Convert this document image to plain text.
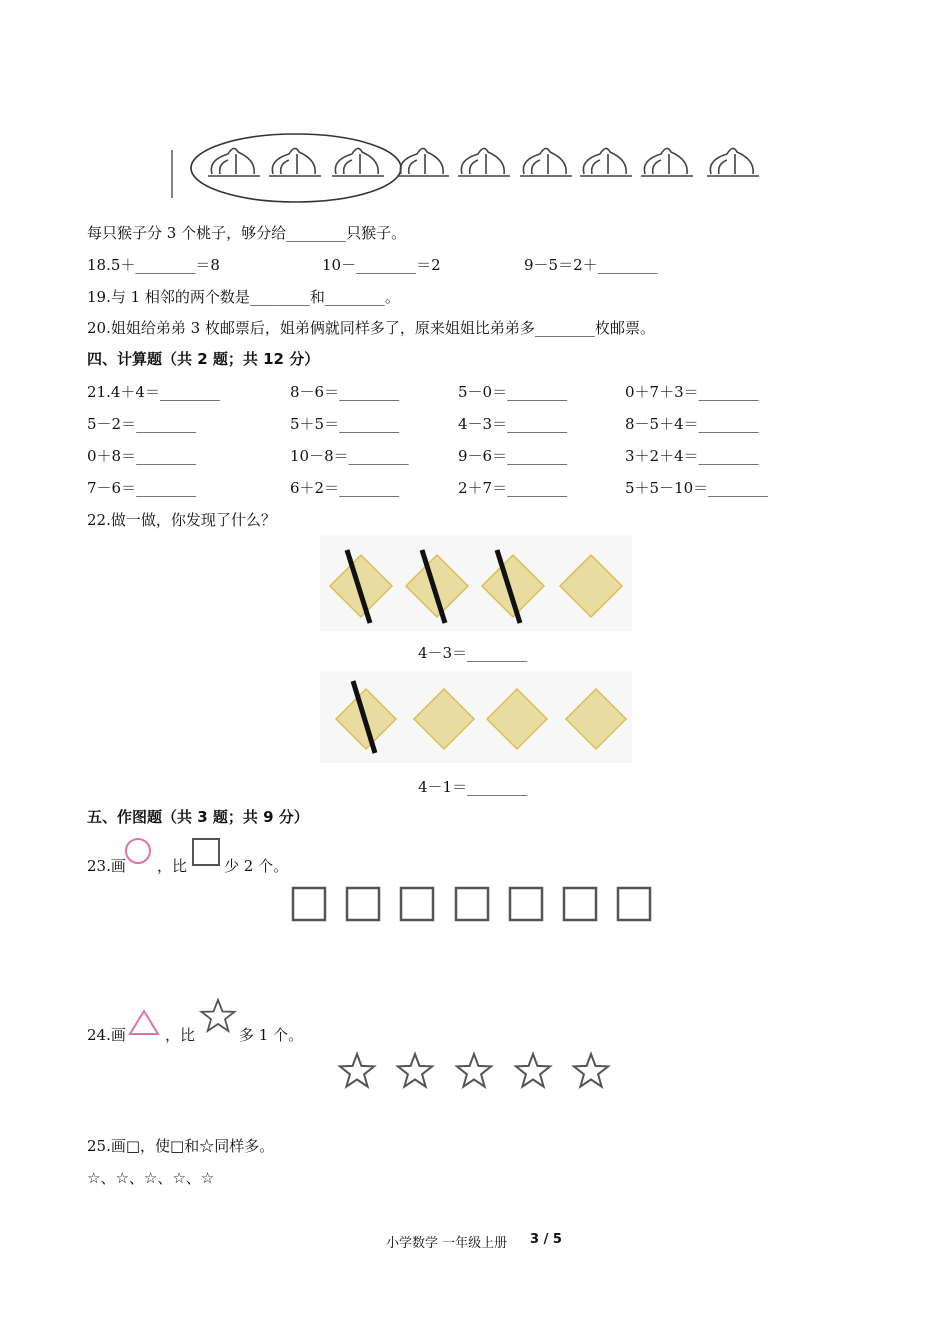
每只猴子分 3 个桃子，够分给________只猴子。
18.5＋________＝8	10－________＝2	9－5＝2＋________
19.与 1 相邻的两个数是________和________。
20.姐姐给弟弟 3 枚邮票后，姐弟俩就同样多了，原来姐姐比弟弟多________枚邮票。
四、计算题（共 2 题；共 12 分）
21.4＋4＝________	8－6＝________	5－0＝________	0＋7＋3＝________
5－2＝________	5＋5＝________	4－3＝________	8－5＋4＝________
0＋8＝________	10－8＝________	9－6＝________	3＋2＋4＝________
7－6＝________	6＋2＝________	2＋7＝________	5＋5－10＝________
22.做一做，你发现了什么？
4－3＝________
4－1＝________
五、作图题（共 3 题；共 9 分）
23.画 ，比 少 2 个。
24.画	，比	多 1 个。
25.画□，使□和☆同样多。
☆、☆、☆、☆、☆
小学数学 一年级上册 3 / 5
